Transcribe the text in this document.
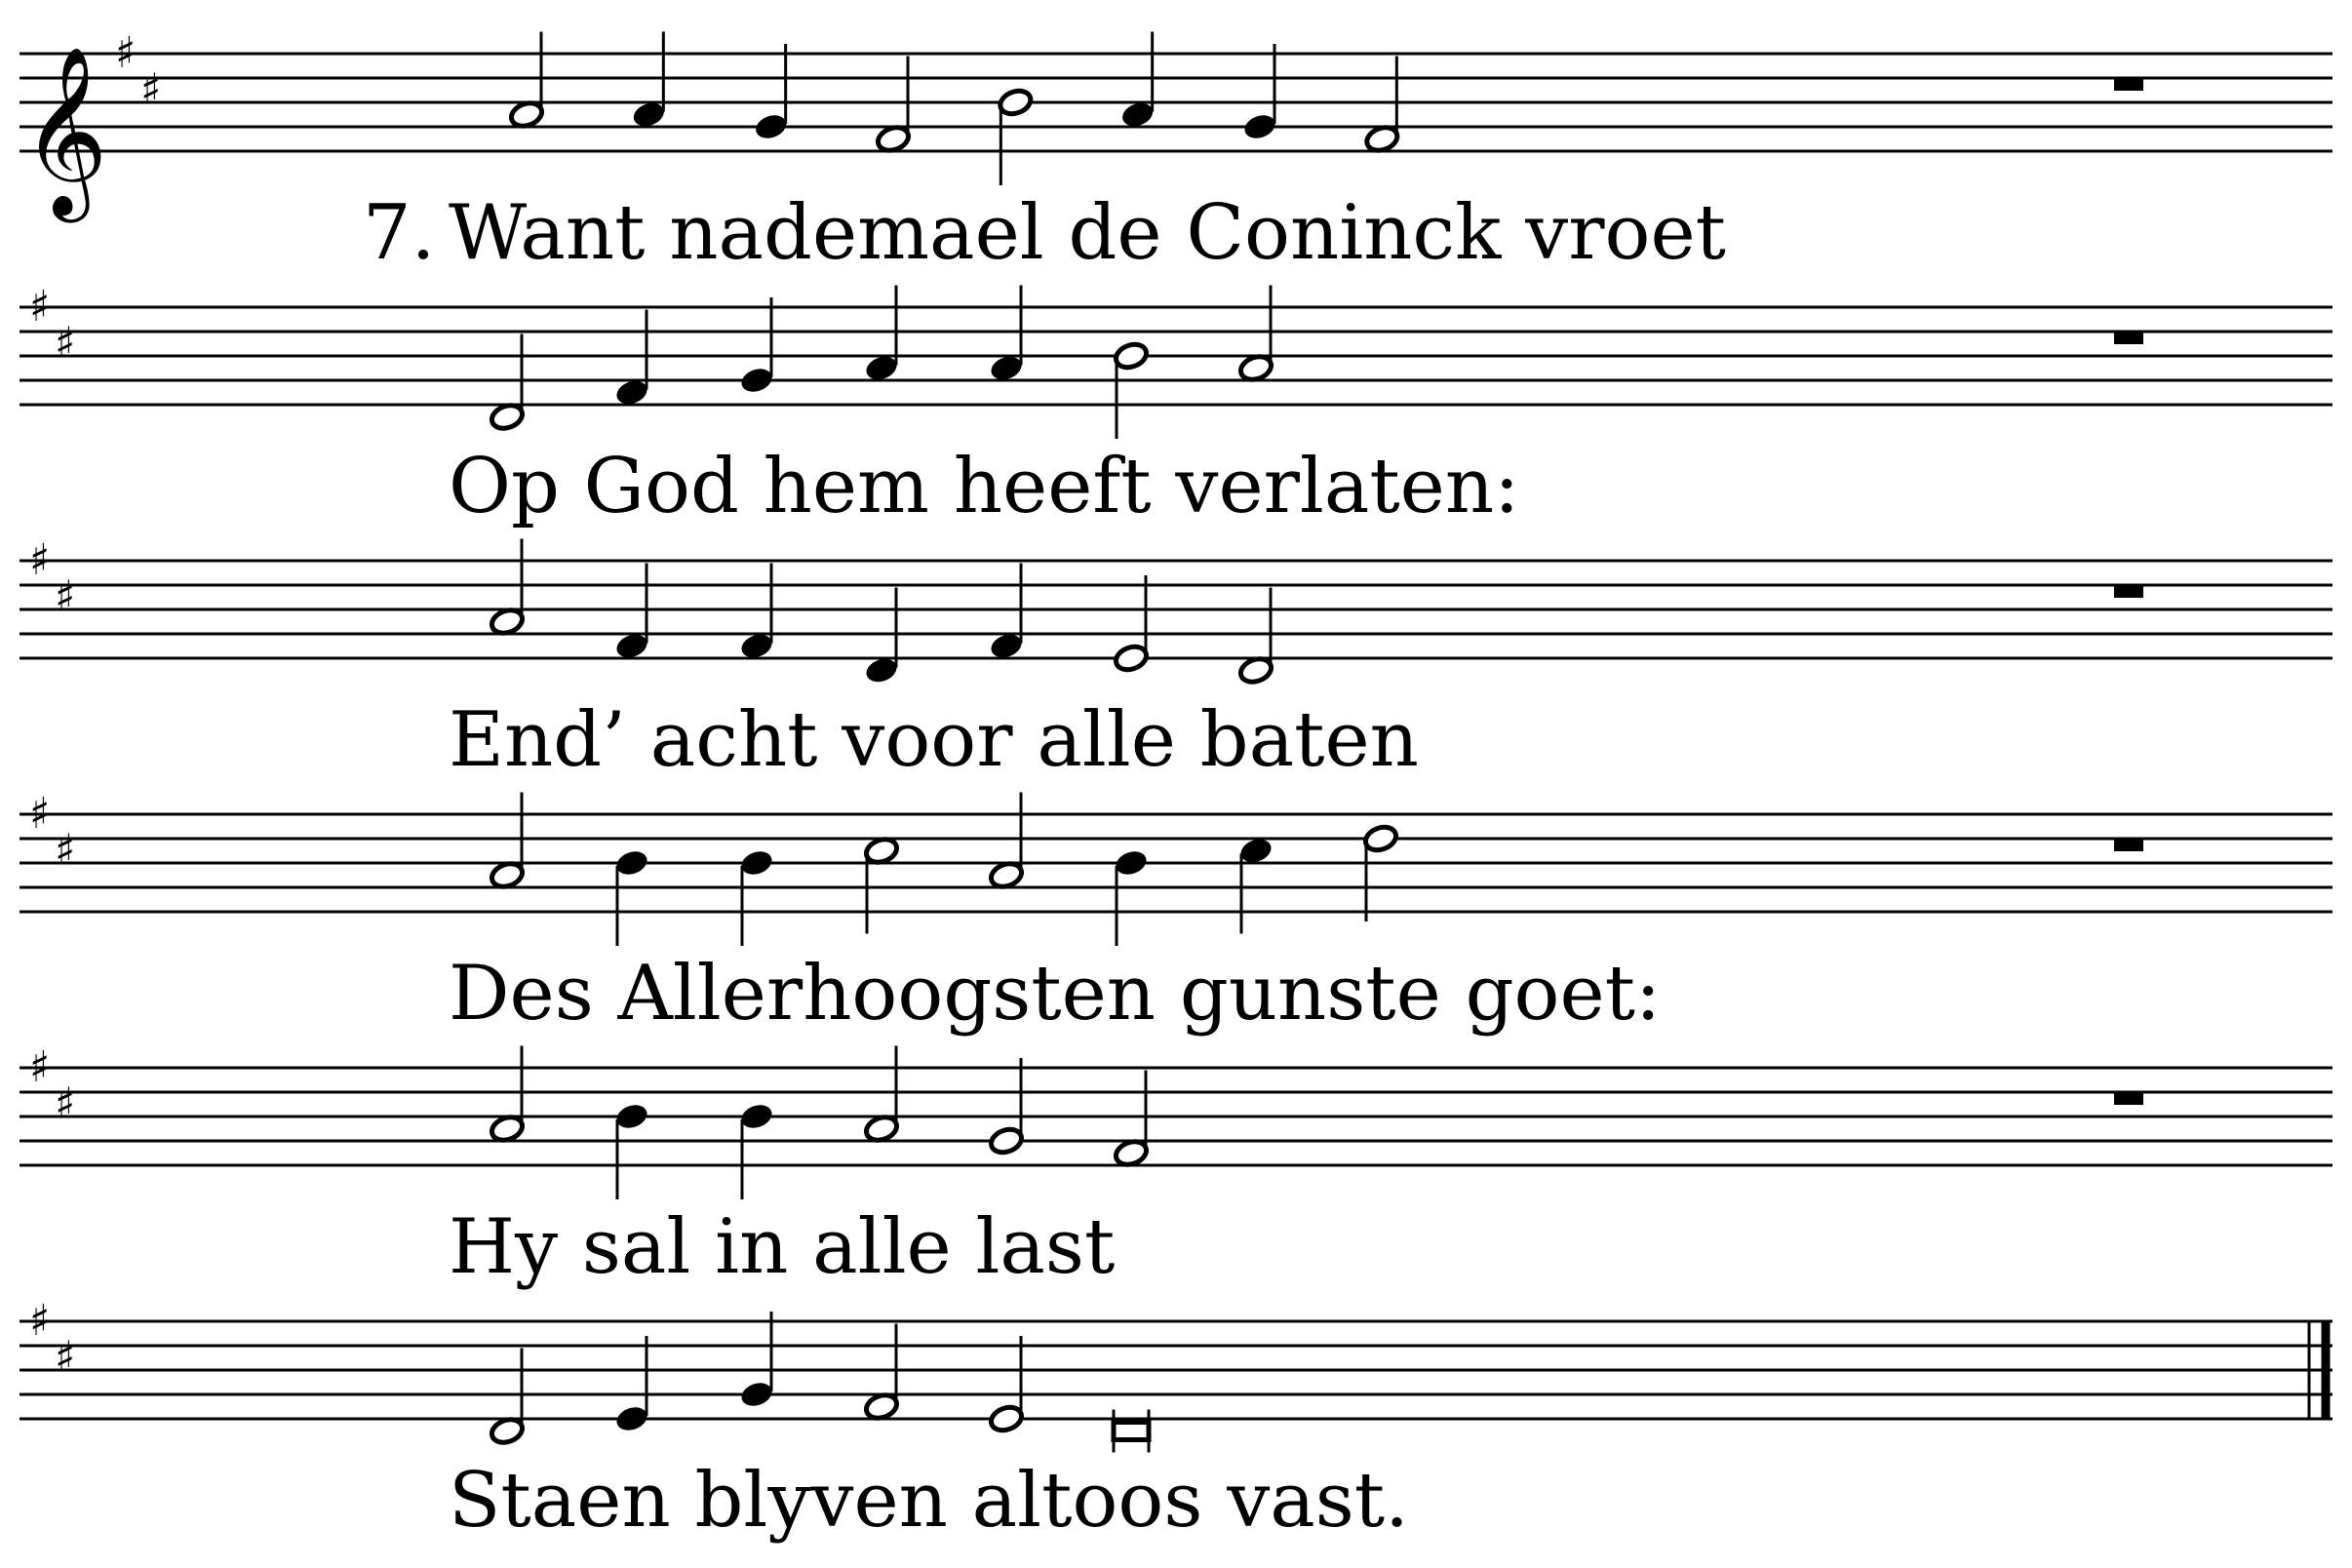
𝄞 ♯
♯
7. Want nademael de Coninck vroet
♯
♯
Op God hem heeft verlaten:
♯
♯
End’ acht voor alle baten
♯
♯
Des Allerhoogsten gunste goet:
♯
♯
Hy sal in alle last
♯
♯
Staen blyven altoos vast.
